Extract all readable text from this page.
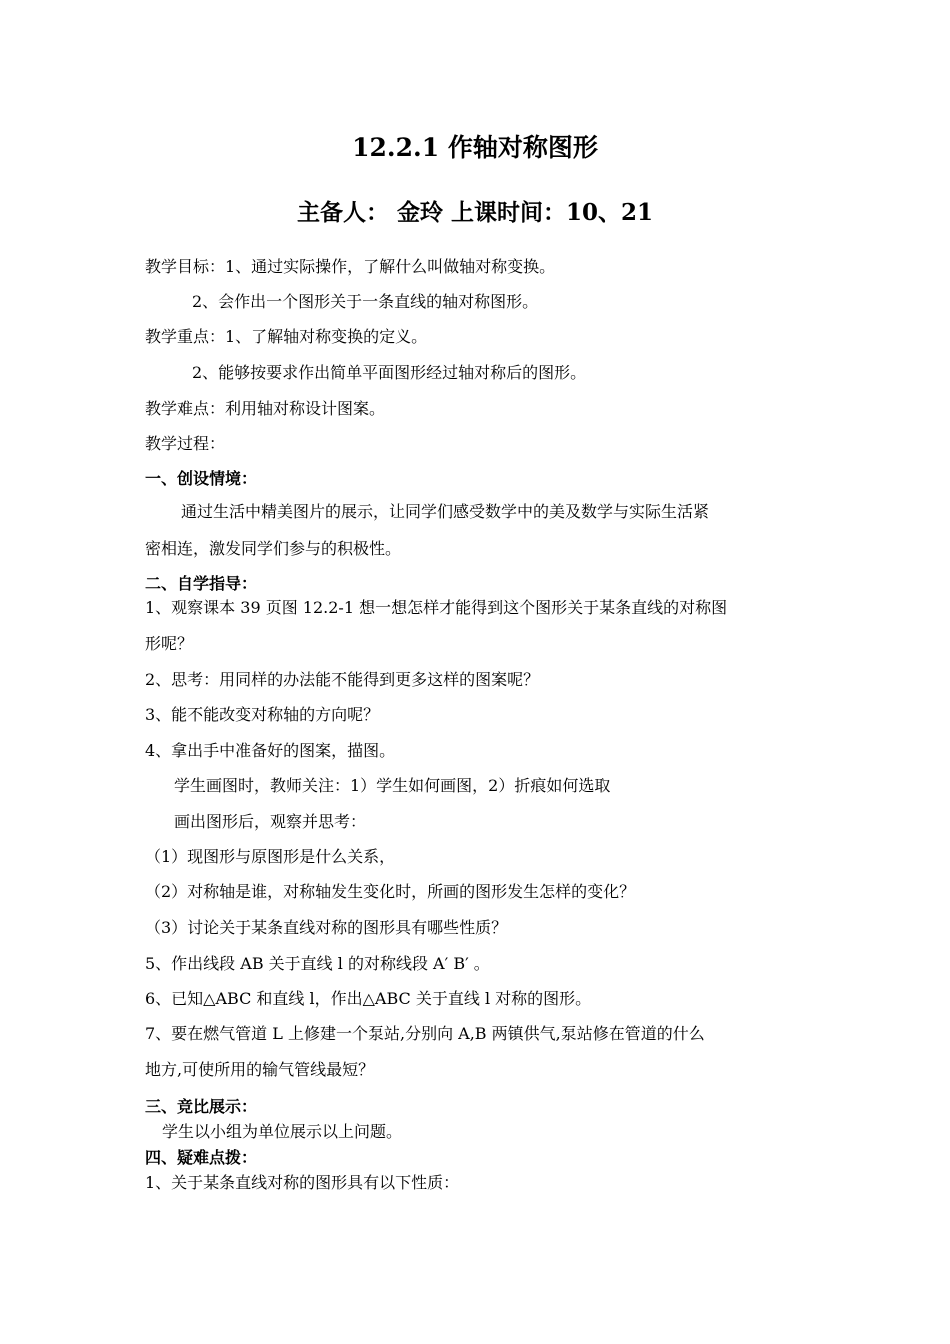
12.2.1 作轴对称图形
主备人： 金玲 上课时间：10、21
教学目标：1、通过实际操作，了解什么叫做轴对称变换。
2、会作出一个图形关于一条直线的轴对称图形。
教学重点：1、了解轴对称变换的定义。
2、能够按要求作出简单平面图形经过轴对称后的图形。
教学难点：利用轴对称设计图案。
教学过程：
一、创设情境：
通过生活中精美图片的展示，让同学们感受数学中的美及数学与实际生活紧
密相连，激发同学们参与的积极性。
二、自学指导：
1、观察课本 39 页图 12.2-1 想一想怎样才能得到这个图形关于某条直线的对称图
形呢？
2、思考：用同样的办法能不能得到更多这样的图案呢？
3、能不能改变对称轴的方向呢？
4、拿出手中准备好的图案，描图。
学生画图时，教师关注：1）学生如何画图，2）折痕如何选取
画出图形后，观察并思考：
（1）现图形与原图形是什么关系，
（2）对称轴是谁，对称轴发生变化时，所画的图形发生怎样的变化？
（3）讨论关于某条直线对称的图形具有哪些性质？
5、作出线段 AB 关于直线 l 的对称线段 A′ B′ 。
6、已知△ABC 和直线 l，作出△ABC 关于直线 l 对称的图形。
7、要在燃气管道 L 上修建一个泵站,分别向 A,B 两镇供气,泵站修在管道的什么
地方,可使所用的输气管线最短？
三、竞比展示：
学生以小组为单位展示以上问题。
四、疑难点拨：
1、关于某条直线对称的图形具有以下性质：
